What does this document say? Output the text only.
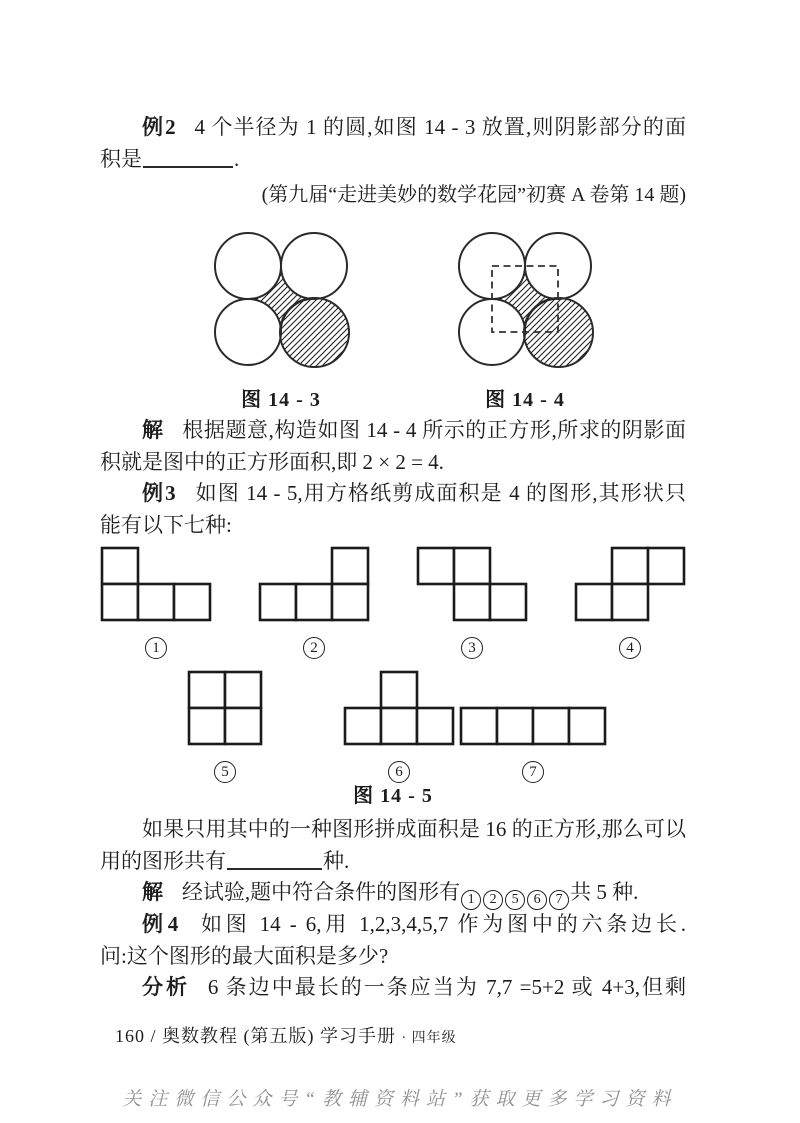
例2 4 个半径为 1 的圆,如图 14 - 3 放置,则阴影部分的面
积是	.
(第九届“走进美妙的数学花园”初赛 A 卷第 14 题)
图 14 - 3	图 14 - 4
解 根据题意,构造如图 14 - 4 所示的正方形,所求的阴影面
积就是图中的正方形面积,即 2 × 2 = 4.
例3 如图 14 - 5,用方格纸剪成面积是 4 的图形,其形状只
能有以下七种:
1	2	3	4
5	6	7
图 14 - 5
如果只用其中的一种图形拼成面积是 16 的正方形,那么可以
用的图形共有	种.
解 经试验,题中符合条件的图形有 1 2 5 6 7 共 5 种.
例4 如图 14 - 6,用 1,2,3,4,5,7 作为图中的六条边长.
问:这个图形的最大面积是多少?
分析 6 条边中最长的一条应当为 7,7 =5+2 或 4+3,但剩
160 / 奥数教程 (第五版) 学习手册 · 四年级
关注微信公众号“教辅资料站”获取更多学习资料
